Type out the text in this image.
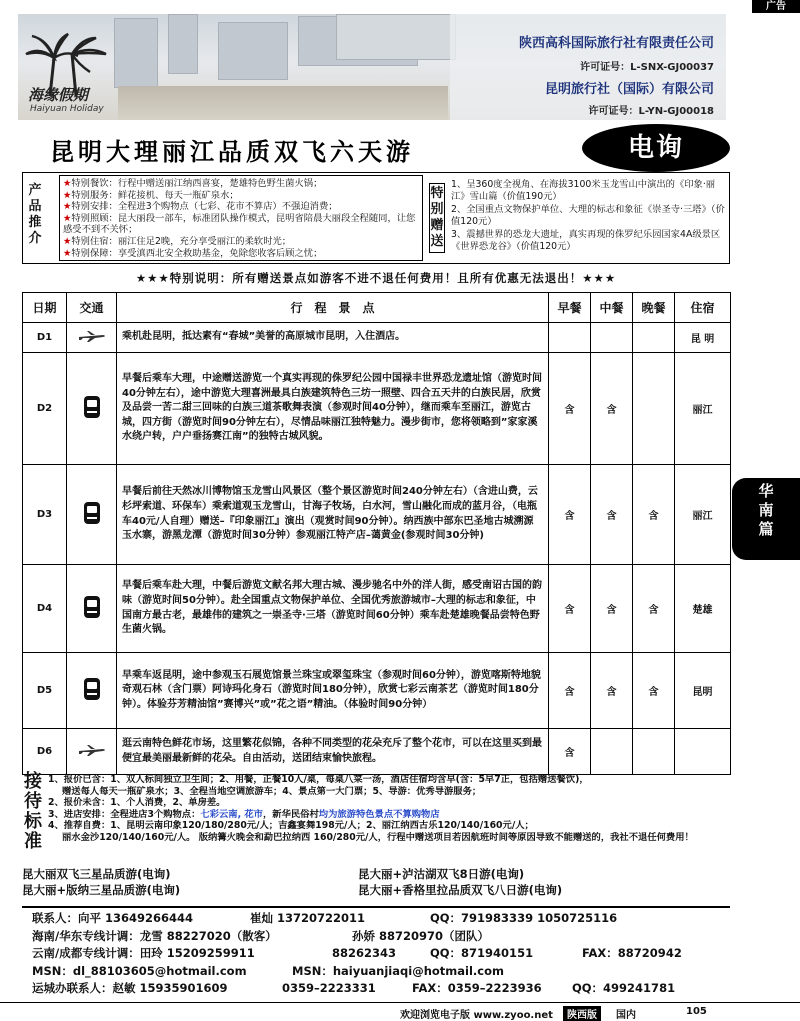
广告
海缘假期
Haiyuan Holiday
陕西高科国际旅行社有限责任公司
许可证号：L-SNX-GJ00037
昆明旅行社（国际）有限公司
许可证号：L-YN-GJ00018
昆明大理丽江品质双飞六天游	电询
产品推介
★特别餐饮：行程中赠送丽江纳西喜宴，楚雄特色野生菌火锅；
★特别服务：鲜花接机、每天一瓶矿泉水；
★特别安排：全程进3个购物点（七彩、花市不算店）不强迫消费；
★特别照顾：昆大丽段一部车，标准团队操作模式，昆明省陪晨大丽段全程随同，让您感受不到不关怀；
★特别住宿：丽江住足2晚，充分享受丽江的柔软时光；
★特别保障：享受滇西北安全救助基金，免除您收客后顾之忧；
特别赠送
1、呈360度全视角、在海拔3100米玉龙雪山中演出的《印象·丽江》雪山篇（价值190元）
2、全国重点文物保护单位、大理的标志和象征《崇圣寺·三塔》（价值120元）
3、震撼世界的恐龙大遗址，真实再现的侏罗纪乐园国家4A级景区《世界恐龙谷》（价值120元）
★★★特别说明：所有赠送景点如游客不进不退任何费用！且所有优惠无法退出！★★★
日期	交通	行　程　景　点	早餐	中餐	晚餐	住宿
D1		乘机赴昆明，抵达素有“春城”美誉的高原城市昆明，入住酒店。				昆 明
D2		早餐后乘车大理，中途赠送游览一个真实再现的侏罗纪公园中国禄丰世界恐龙遗址馆（游览时间40分钟左右），途中游览大理喜洲最具白族建筑特色三坊一照壁、四合五天井的白族民居，欣赏及品尝一苦二甜三回味的白族三道茶歌舞表演（参观时间40分钟），继而乘车至丽江，游览古城，四方街（游览时间90分钟左右），尽情品味丽江独特魅力。漫步街市，您将领略到”家家溪水绕户转，户户垂扬赛江南”的独特古城风貌。	含	含		丽江
D3		早餐后前往天然冰川博物馆玉龙雪山风景区（整个景区游览时间240分钟左右）（含进山费，云杉坪索道、环保车）乘索道观玉龙雪山，甘海子牧场，白水河，雪山融化而成的蓝月谷，（电瓶车40元/人自理）赠送–『印象丽江』演出（观赏时间90分钟）。纳西族中部东巴圣地古城溯源玉水寨，游黑龙潭（游览时间30分钟）参观丽江特产店–蔼黄金(参观时间30分钟)	含	含	含	丽江
D4		早餐后乘车赴大理，中餐后游览文献名邦大理古城、漫步驰名中外的洋人街，感受南诏古国的韵味（游览时间50分钟）。赴全国重点文物保护单位、全国优秀旅游城市–大理的标志和象征，中国南方最古老，最雄伟的建筑之一崇圣寺·三塔（游览时间60分钟）乘车赴楚雄晚餐品尝特色野生菌火锅。	含	含	含	楚雄
D5		早乘车返昆明，途中参观玉石展览馆景兰珠宝或翠玺珠宝（参观时间60分钟），游览喀斯特地貌奇观石林（含门票）阿诗玛化身石（游览时间180分钟），欣赏七彩云南茶艺（游览时间180分钟）。体验芬芳精油馆”赛博兴”或”花之语”精油。（体验时间90分钟）	含	含	含	昆明
D6		逛云南特色鲜花市场，这里繁花似锦，各种不同类型的花朵充斥了整个花市，可以在这里买到最便宜最美丽最新鲜的花朵。自由活动，送团结束愉快旅程。	含			
华南篇
接待标准
1、报价已含：1、双人标间独立卫生间；2、用餐，正餐10人/桌，每桌八菜一汤，酒店住宿均含早(含：5早7正，包括赠送餐饮)，
赠送每人每天一瓶矿泉水；3、全程当地空调旅游车；4、景点第一大门票；5、导游：优秀导游服务；
2、报价未含：1、个人消费，2、单房差。
3、进店安排：全程进店3个购物点：七彩云南, 花市，新华民俗村均为旅游特色景点不算购物店
4、推荐自费：1、昆明云南印象120/180/280元/人；吉鑫宴舞198元/人；2、丽江纳西古乐120/140/160元/人；
丽水金沙120/140/160元/人。 版纳篝火晚会和勐巴拉纳西 160/280元/人，行程中赠送项目若因航班时间等原因导致不能赠送的，我社不退任何费用！
昆大丽双飞三星品质游(电询)	昆大丽+泸沽湖双飞8日游(电询)
昆大丽+版纳三星品质游(电询)	昆大丽+香格里拉品质双飞八日游(电询)
联系人：向平 13649266444	崔灿 13720722011	QQ：791983339 1050725116
海南/华东专线计调：龙雪 88227020（散客）	孙娇 88720970（团队）
云南/成都专线计调：田玲 15209259911	88262343	QQ：871940151	FAX：88720942
MSN：dl_88103605@hotmail.com	MSN：haiyuanjiaqi@hotmail.com
运城办联系人：赵敏 15935901609	0359–2223331	FAX：0359–2223936	QQ：499241781
欢迎浏览电子版 www.zyoo.net	陕西版	国内	105
